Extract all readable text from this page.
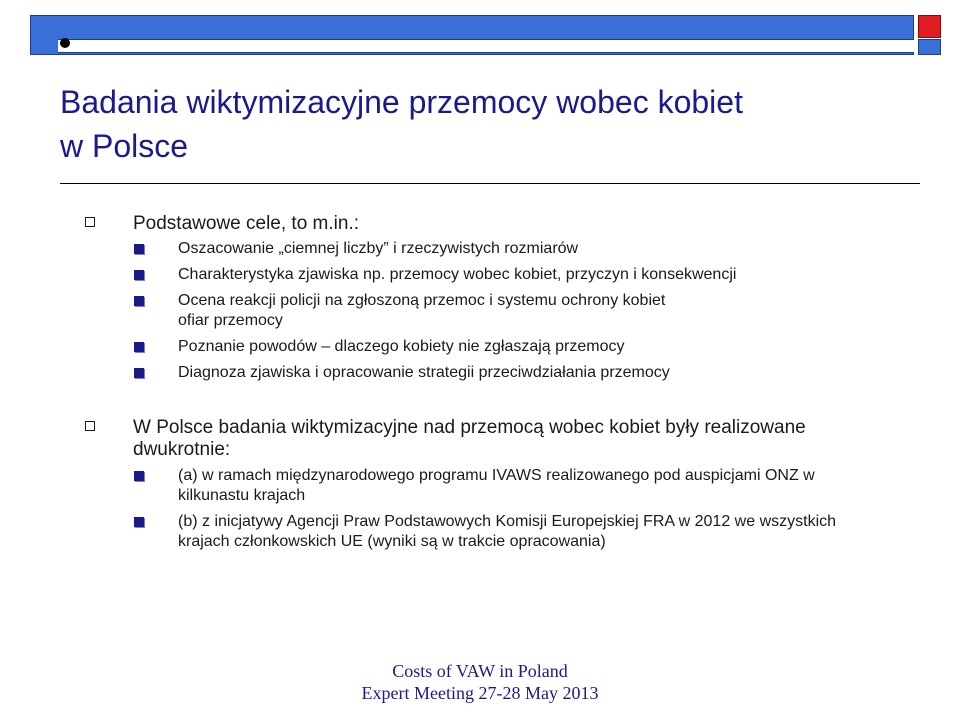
Badania wiktymizacyjne przemocy wobec kobiet
w Polsce
Podstawowe cele, to m.in.:
Oszacowanie „ciemnej liczby” i rzeczywistych rozmiarów
Charakterystyka zjawiska np. przemocy wobec kobiet, przyczyn i konsekwencji
Ocena reakcji policji na zgłoszoną przemoc i systemu ochrony kobiet ofiar przemocy
Poznanie powodów – dlaczego kobiety nie zgłaszają przemocy
Diagnoza zjawiska i opracowanie strategii przeciwdziałania przemocy
W Polsce badania wiktymizacyjne nad przemocą wobec kobiet były realizowane dwukrotnie:
(a) w ramach międzynarodowego programu IVAWS realizowanego pod auspicjami ONZ w kilkunastu krajach
(b) z inicjatywy Agencji Praw Podstawowych Komisji Europejskiej FRA w 2012 we wszystkich krajach członkowskich UE (wyniki są w trakcie opracowania)
Costs of VAW in Poland
Expert Meeting 27-28 May 2013
